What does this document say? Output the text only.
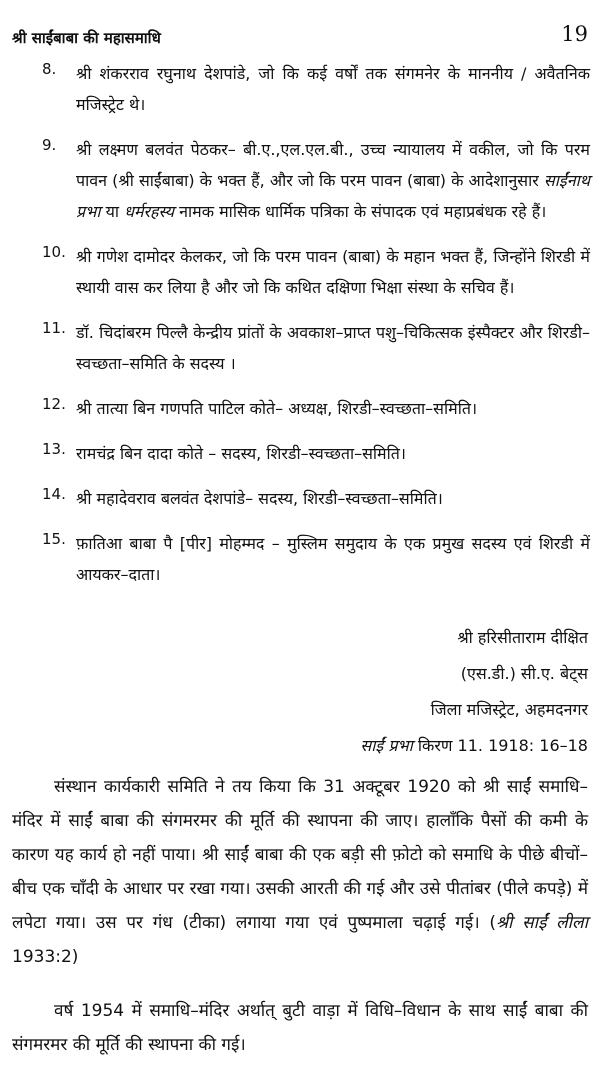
श्री साईंबाबा की महासमाधि	19
8.	श्री शंकरराव रघुनाथ देशपांडे, जो कि कई वर्षों तक संगमनेर के माननीय / अवैतनिक मजिस्ट्रेट थे।
9.	श्री लक्ष्मण बलवंत पेठकर– बी.ए.,एल.एल.बी., उच्च न्यायालय में वकील, जो कि परम पावन (श्री साईंबाबा) के भक्त हैं, और जो कि परम पावन (बाबा) के आदेशानुसार साईंनाथ प्रभा या धर्मरहस्य नामक मासिक धार्मिक पत्रिका के संपादक एवं महाप्रबंधक रहे हैं।
10. श्री गणेश दामोदर केलकर, जो कि परम पावन (बाबा) के महान भक्त हैं, जिन्होंने शिरडी में स्थायी वास कर लिया है और जो कि कथित दक्षिणा भिक्षा संस्था के सचिव हैं।
11. डॉ. चिदांबरम पिल्लै केन्द्रीय प्रांतों के अवकाश–प्राप्त पशु–चिकित्सक इंस्पैक्टर और शिरडी–स्वच्छता–समिति के सदस्य ।
12. श्री तात्या बिन गणपति पाटिल कोते– अध्यक्ष, शिरडी–स्वच्छता–समिति।
13. रामचंद्र बिन दादा कोते – सदस्य, शिरडी–स्वच्छता–समिति।
14. श्री महादेवराव बलवंत देशपांडे– सदस्य, शिरडी–स्वच्छता–समिति।
15. फ़ातिआ बाबा पै [पीर] मोहम्मद – मुस्लिम समुदाय के एक प्रमुख सदस्य एवं शिरडी में आयकर–दाता।
श्री हरिसीताराम दीक्षित
(एस.डी.) सी.ए. बेट्स
जिला मजिस्ट्रेट, अहमदनगर
साईं प्रभा किरण 11. 1918: 16–18

संस्थान कार्यकारी समिति ने तय किया कि 31 अक्टूबर 1920 को श्री साईं समाधि–मंदिर में साईं बाबा की संगमरमर की मूर्ति की स्थापना की जाए। हालाँकि पैसों की कमी के कारण यह कार्य हो नहीं पाया। श्री साईं बाबा की एक बड़ी सी फ़ोटो को समाधि के पीछे बीचों–बीच एक चाँदी के आधार पर रखा गया। उसकी आरती की गई और उसे पीतांबर (पीले कपड़े) में लपेटा गया। उस पर गंध (टीका) लगाया गया एवं पुष्पमाला चढ़ाई गई। (श्री साईं लीला 1933:2)

वर्ष 1954 में समाधि–मंदिर अर्थात् बुटी वाड़ा में विधि–विधान के साथ साईं बाबा की संगमरमर की मूर्ति की स्थापना की गई।
